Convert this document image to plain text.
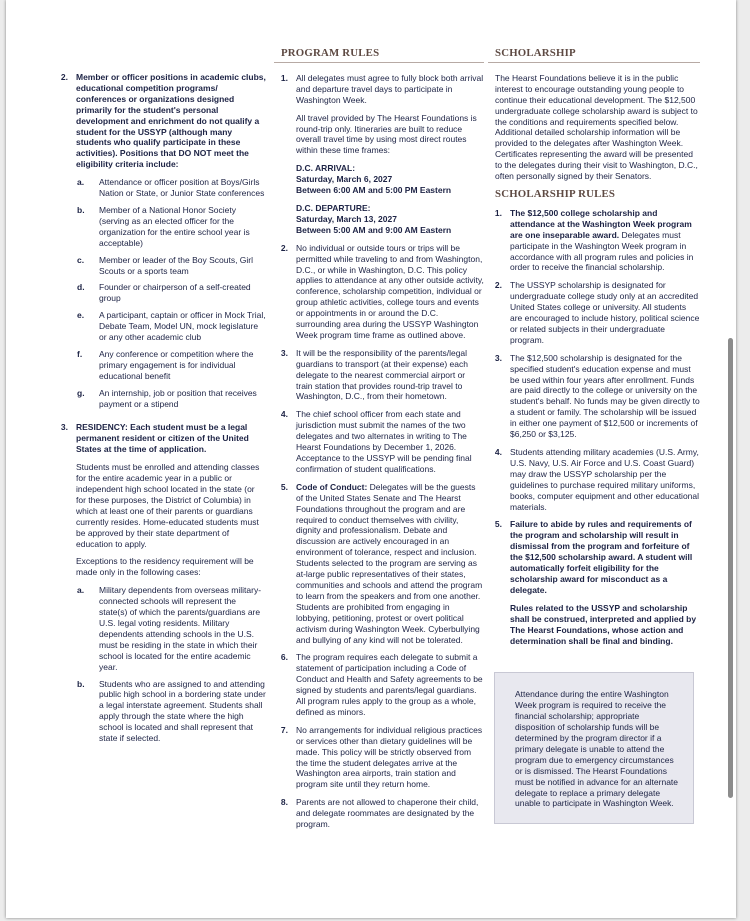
2. Member or officer positions in academic clubs, educational competition programs/ conferences or organizations designed primarily for the student's personal development and enrichment do not qualify a student for the USSYP (although many students who qualify participate in these activities). Positions that DO NOT meet the eligibility criteria include:

a.	Attendance or officer position at Boys/Girls Nation or State, or Junior State conferences
b.	Member of a National Honor Society (serving as an elected officer for the organization for the entire school year is acceptable)
c.	Member or leader of the Boy Scouts, Girl Scouts or a sports team
d.	Founder or chairperson of a self-created group
e.	A participant, captain or officer in Mock Trial, Debate Team, Model UN, mock legislature or any other academic club
f.	Any conference or competition where the primary engagement is for individual educational benefit
g.	An internship, job or position that receives payment or a stipend
3. RESIDENCY: Each student must be a legal permanent resident or citizen of the United States at the time of application.

Students must be enrolled and attending classes for the entire academic year in a public or independent high school located in the state (or for these purposes, the District of Columbia) in which at least one of their parents or guardians currently resides. Home-educated students must be approved by their state department of education to apply.

Exceptions to the residency requirement will be made only in the following cases:

a.	Military dependents from overseas military-connected schools will represent the state(s) of which the parents/guardians are U.S. legal voting residents. Military dependents attending schools in the U.S. must be residing in the state in which their school is located for the entire academic year.
b.	Students who are assigned to and attending public high school in a bordering state under a legal interstate agreement. Students shall apply through the state where the high school is located and shall represent that state if selected.
PROGRAM RULES
1. All delegates must agree to fully block both arrival and departure travel days to participate in Washington Week.

All travel provided by The Hearst Foundations is round-trip only. Itineraries are built to reduce overall travel time by using most direct routes within these time frames:

D.C. ARRIVAL:
Saturday, March 6, 2027
Between 6:00 AM and 5:00 PM Eastern
D.C. DEPARTURE:
Saturday, March 13, 2027
Between 5:00 AM and 9:00 AM Eastern
2. No individual or outside tours or trips will be permitted while traveling to and from Washington, D.C., or while in Washington, D.C. This policy applies to attendance at any other outside activity, conference, scholarship competition, individual or group athletic activities, college tours and events or appointments in or around the D.C. surrounding area during the USSYP Washington Week program time frame as outlined above.
3. It will be the responsibility of the parents/legal guardians to transport (at their expense) each delegate to the nearest commercial airport or train station that provides round-trip travel to Washington, D.C., from their hometown.
4. The chief school officer from each state and jurisdiction must submit the names of the two delegates and two alternates in writing to The Hearst Foundations by December 1, 2026. Acceptance to the USSYP will be pending final confirmation of student qualifications.
5. Code of Conduct: Delegates will be the guests of the United States Senate and The Hearst Foundations throughout the program and are required to conduct themselves with civility, dignity and professionalism. Debate and discussion are actively encouraged in an environment of tolerance, respect and inclusion. Students selected to the program are serving as at-large public representatives of their states, communities and schools and attend the program to learn from the speakers and from one another. Students are prohibited from engaging in lobbying, petitioning, protest or overt political activism during Washington Week. Cyberbullying and bullying of any kind will not be tolerated.
6. The program requires each delegate to submit a statement of participation including a Code of Conduct and Health and Safety agreements to be signed by students and parents/legal guardians. All program rules apply to the group as a whole, defined as minors.
7. No arrangements for individual religious practices or services other than dietary guidelines will be made. This policy will be strictly observed from the time the student delegates arrive at the Washington area airports, train station and program site until they return home.
8. Parents are not allowed to chaperone their child, and delegate roommates are designated by the program.
SCHOLARSHIP

The Hearst Foundations believe it is in the public interest to encourage outstanding young people to continue their educational development. The $12,500 undergraduate college scholarship award is subject to the conditions and requirements specified below. Additional detailed scholarship information will be provided to the delegates after Washington Week. Certificates representing the award will be presented to the delegates during their visit to Washington, D.C., often personally signed by their Senators.

SCHOLARSHIP RULES
1. The $12,500 college scholarship and attendance at the Washington Week program are one inseparable award. Delegates must participate in the Washington Week program in accordance with all program rules and policies in order to receive the financial scholarship.
2. The USSYP scholarship is designated for undergraduate college study only at an accredited United States college or university. All students are encouraged to include history, political science or related subjects in their undergraduate program.
3. The $12,500 scholarship is designated for the specified student's education expense and must be used within four years after enrollment. Funds are paid directly to the college or university on the student's behalf. No funds may be given directly to a student or family. The scholarship will be issued in either one payment of $12,500 or increments of $6,250 or $3,125.
4. Students attending military academies (U.S. Army, U.S. Navy, U.S. Air Force and U.S. Coast Guard) may draw the USSYP scholarship per the guidelines to purchase required military uniforms, books, computer equipment and other educational materials.
5. Failure to abide by rules and requirements of the program and scholarship will result in dismissal from the program and forfeiture of the $12,500 scholarship award. A student will automatically forfeit eligibility for the scholarship award for misconduct as a delegate.

Rules related to the USSYP and scholarship shall be construed, interpreted and applied by The Hearst Foundations, whose action and determination shall be final and binding.

Attendance during the entire Washington Week program is required to receive the financial scholarship; appropriate disposition of scholarship funds will be determined by the program director if a primary delegate is unable to attend the program due to emergency circumstances or is dismissed. The Hearst Foundations must be notified in advance for an alternate delegate to replace a primary delegate unable to participate in Washington Week.
